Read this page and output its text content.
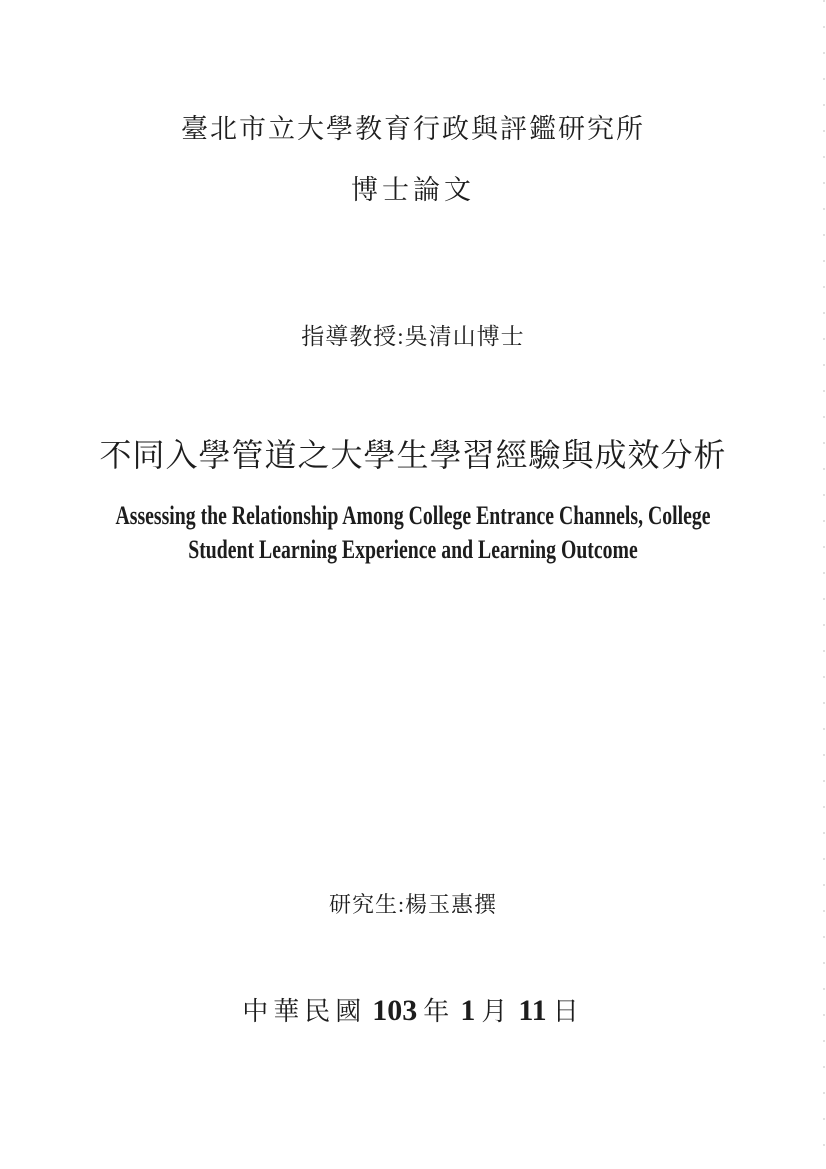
臺北市立大學教育行政與評鑑研究所
博士論文
指導教授:吳清山博士
不同入學管道之大學生學習經驗與成效分析
Assessing the Relationship Among College Entrance Channels, College
Student Learning Experience and Learning Outcome
研究生:楊玉惠撰
中華民國 103 年 1 月 11 日
